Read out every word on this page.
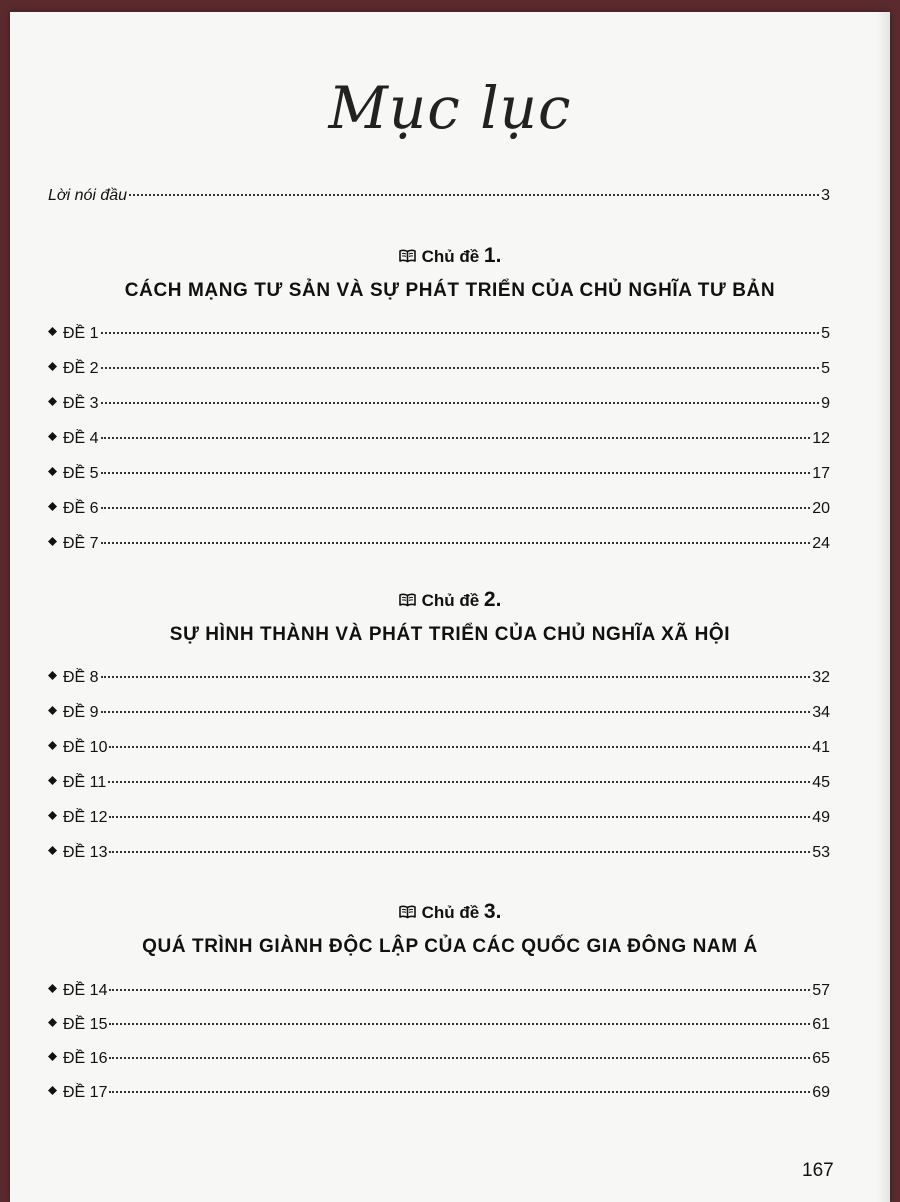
Mục lục
Lời nói đầu	3
Chủ đề 1.
CÁCH MẠNG TƯ SẢN VÀ SỰ PHÁT TRIỂN CỦA CHỦ NGHĨA TƯ BẢN
ĐỀ 1	5
ĐỀ 2	5
ĐỀ 3	9
ĐỀ 4	12
ĐỀ 5	17
ĐỀ 6	20
ĐỀ 7	24
Chủ đề 2.
SỰ HÌNH THÀNH VÀ PHÁT TRIỂN CỦA CHỦ NGHĨA XÃ HỘI
ĐỀ 8	32
ĐỀ 9	34
ĐỀ 10	41
ĐỀ 11	45
ĐỀ 12	49
ĐỀ 13	53
Chủ đề 3.
QUÁ TRÌNH GIÀNH ĐỘC LẬP CỦA CÁC QUỐC GIA ĐÔNG NAM Á
ĐỀ 14	57
ĐỀ 15	61
ĐỀ 16	65
ĐỀ 17	69
167
